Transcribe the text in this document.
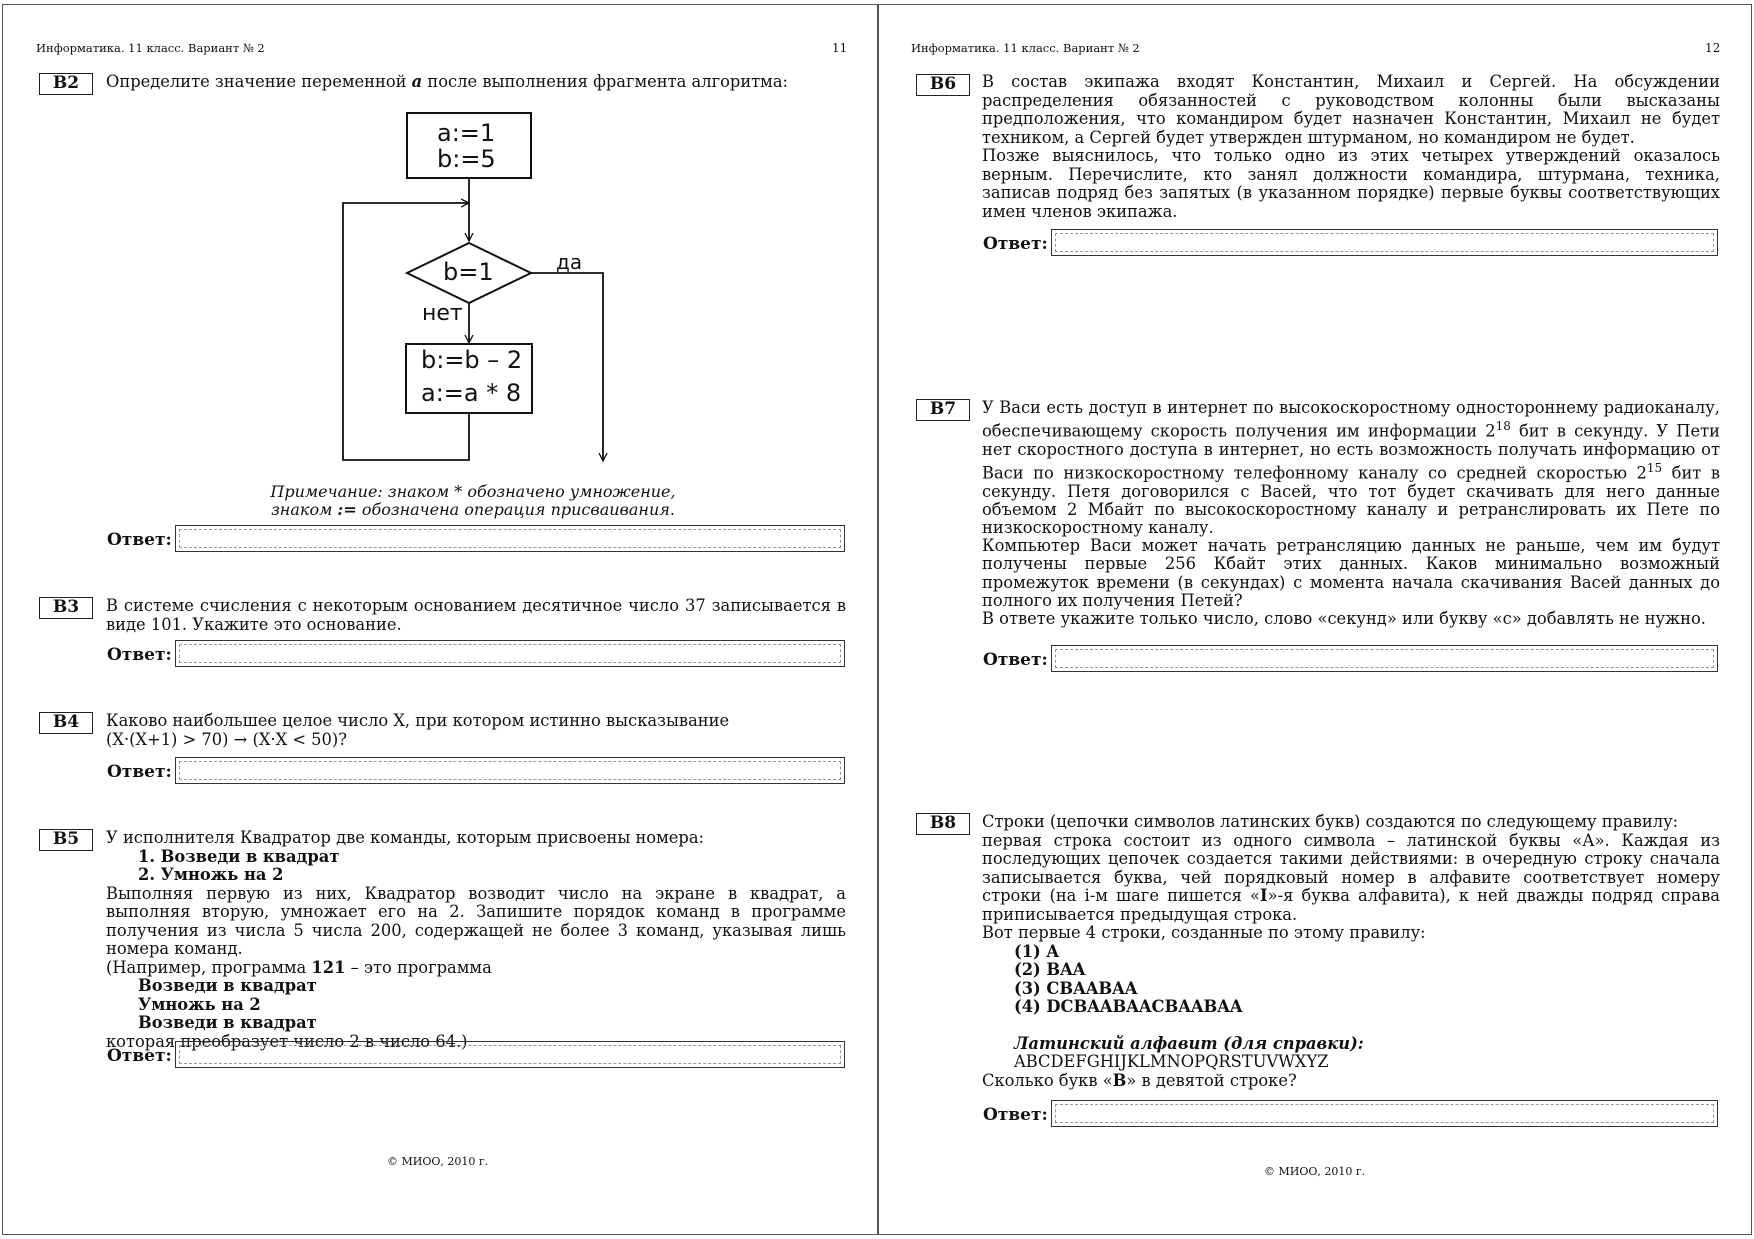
Информатика. 11 класс. Вариант № 2	11
В2	Определите значение переменной a после выполнения фрагмента алгоритма:
a:=1
b:=5
b=1	да
нет
b:=b – 2
a:=a * 8
Примечание: знаком * обозначено умножение,
знаком := обозначена операция присваивания.
Ответ:
В3	В системе счисления с некоторым основанием десятичное число 37 записывается в виде 101. Укажите это основание.
Ответ:
В4	Каково наибольшее целое число X, при котором истинно высказывание

(X·(X+1) > 70) → (X·X < 50)?

Ответ:
В5	У исполнителя Квадратор две команды, которым присвоены номера:

1. Возведи в квадрат

2. Умножь на 2

Выполняя первую из них, Квадратор возводит число на экране в квадрат, а выполняя вторую, умножает его на 2. Запишите порядок команд в программе получения из числа 5 числа 200, содержащей не более 3 команд, указывая лишь номера команд.

(Например, программа 121 – это программа

Возведи в квадрат

Умножь на 2

Возведи в квадрат

которая преобразует число 2 в число 64.)

Ответ:
© МИОО, 2010 г.
Информатика. 11 класс. Вариант № 2	12
В6	В состав экипажа входят Константин, Михаил и Сергей. На обсуждении распределения обязанностей с руководством колонны были высказаны предположения, что командиром будет назначен Константин, Михаил не будет техником, а Сергей будет утвержден штурманом, но командиром не будет.

Позже выяснилось, что только одно из этих четырех утверждений оказалось верным. Перечислите, кто занял должности командира, штурмана, техника, записав подряд без запятых (в указанном порядке) первые буквы соответствующих имен членов экипажа.

Ответ:
В7	У Васи есть доступ в интернет по высокоскоростному одностороннему радиоканалу, обеспечивающему скорость получения им информации $2^{18}$ бит в секунду. У Пети нет скоростного доступа в интернет, но есть возможность получать информацию от Васи по низкоскоростному телефонному каналу со средней скоростью $2^{15}$ бит в секунду. Петя договорился с Васей, что тот будет скачивать для него данные объемом 2 Мбайт по высокоскоростному каналу и ретранслировать их Пете по низкоскоростному каналу.

Компьютер Васи может начать ретрансляцию данных не раньше, чем им будут получены первые 256 Кбайт этих данных. Каков минимально возможный промежуток времени (в секундах) с момента начала скачивания Васей данных до полного их получения Петей?

В ответе укажите только число, слово «секунд» или букву «с» добавлять не нужно.

Ответ:
В8	Строки (цепочки символов латинских букв) создаются по следующему правилу:

первая строка состоит из одного символа – латинской буквы «А». Каждая из последующих цепочек создается такими действиями: в очередную строку сначала записывается буква, чей порядковый номер в алфавите соответствует номеру строки (на i-м шаге пишется «I»-я буква алфавита), к ней дважды подряд справа приписывается предыдущая строка.

Вот первые 4 строки, созданные по этому правилу:

(1) A

(2) BAA

(3) CBAABAA

(4) DCBAABAACBAABAA

Латинский алфавит (для справки):

ABCDEFGHIJKLMNOPQRSTUVWXYZ

Сколько букв «B» в девятой строке?

Ответ:
© МИОО, 2010 г.
